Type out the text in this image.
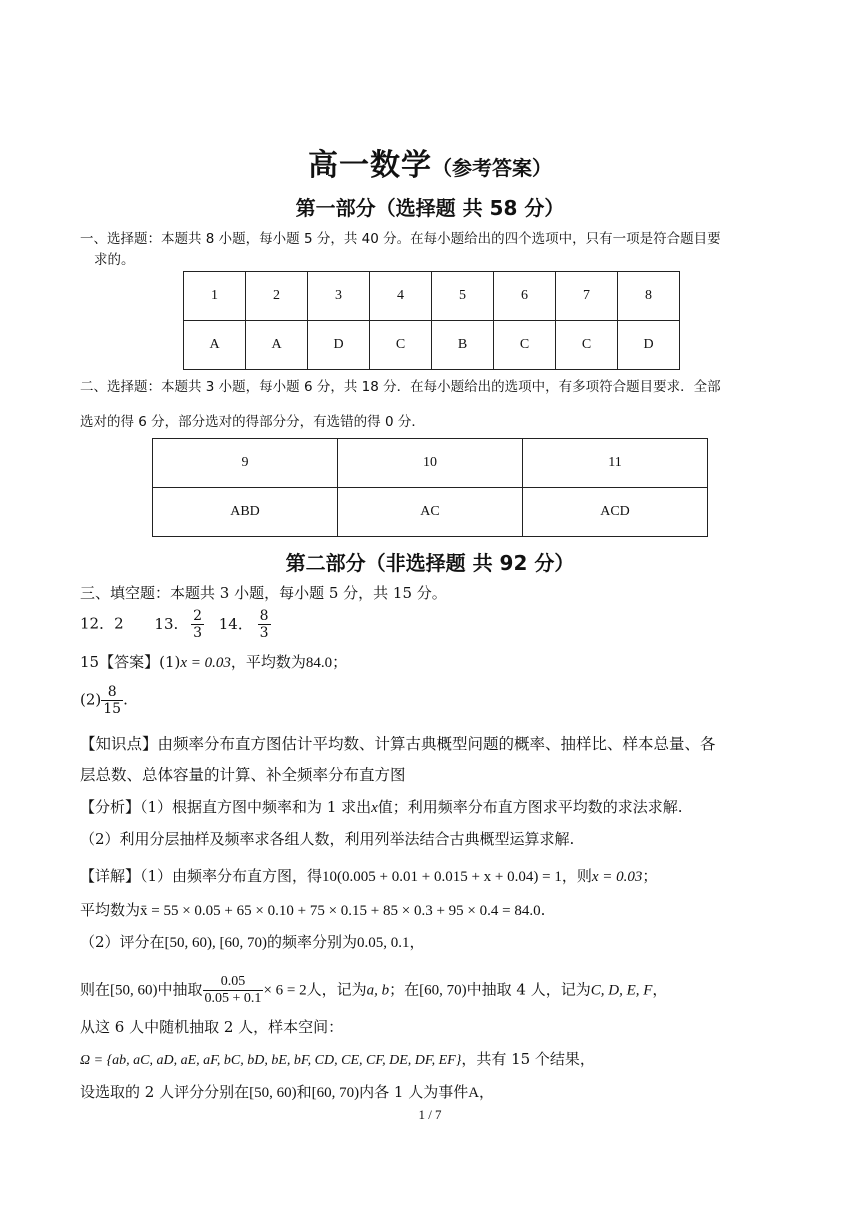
高一数学（参考答案）
第一部分（选择题 共 58 分）
一、选择题：本题共 8 小题，每小题 5 分，共 40 分。在每小题给出的四个选项中，只有一项是符合题目要
求的。
1	2	3	4	5	6	7	8
A	A	D	C	B	C	C	D
二、选择题：本题共 3 小题，每小题 6 分，共 18 分．在每小题给出的选项中，有多项符合题目要求．全部
选对的得 6 分，部分选对的得部分分，有选错的得 0 分．
9	10	11
ABD	AC	ACD
第二部分（非选择题 共 92 分）
三、填空题：本题共 3 小题，每小题 5 分，共 15 分。
12．2 13. $\frac{2}{3} 14$． $\frac{8}{3}$
15【答案】(1)x = 0.03，平均数为84.0；
$(2) \frac{8}{15}$ .
【知识点】由频率分布直方图估计平均数、计算古典概型问题的概率、抽样比、样本总量、各
层总数、总体容量的计算、补全频率分布直方图
【分析】（1）根据直方图中频率和为 1 求出x值；利用频率分布直方图求平均数的求法求解.
（2）利用分层抽样及频率求各组人数，利用列举法结合古典概型运算求解.
【详解】（1）由频率分布直方图，得10(0.005 + 0.01 + 0.015 + x + 0.04) = 1，则x = 0.03；
平均数为x̄ = 55 × 0.05 + 65 × 0.10 + 75 × 0.15 + 85 × 0.3 + 95 × 0.4 = 84.0.
（2）评分在[50, 60), [60, 70)的频率分别为0.05, 0.1，
则在[50, 60)中抽取 $\frac{0.05}{0.05 + 0.1} \times 6 = 2$人，记为a, b；在[60, 70)中抽取 4 人，记为C, D, E, F，
从这 6 人中随机抽取 2 人，样本空间：
Ω = {ab, aC, aD, aE, aF, bC, bD, bE, bF, CD, CE, CF, DE, DF, EF}，共有 15 个结果，
设选取的 2 人评分分别在[50, 60)和[60, 70)内各 1 人为事件A，
1 / 7
